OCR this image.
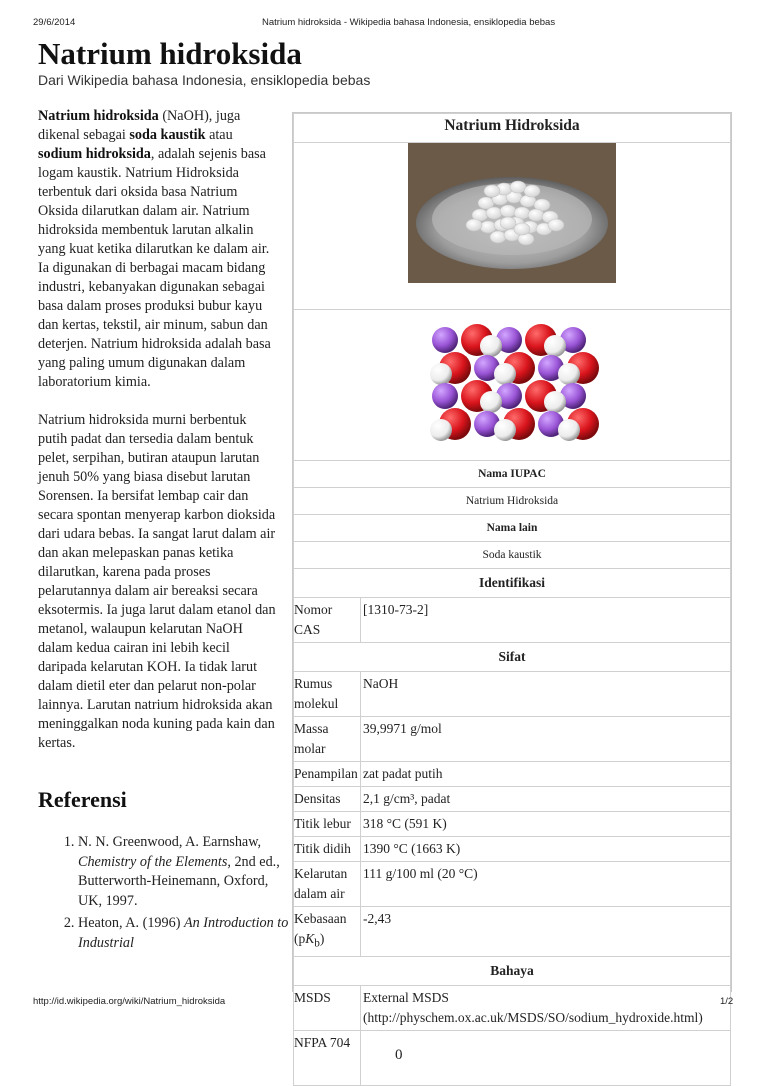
29/6/2014	Natrium hidroksida - Wikipedia bahasa Indonesia, ensiklopedia bebas
Natrium hidroksida
Dari Wikipedia bahasa Indonesia, ensiklopedia bebas

Natrium hidroksida (NaOH), juga dikenal sebagai soda kaustik atau sodium hidroksida, adalah sejenis basa logam kaustik. Natrium Hidroksida terbentuk dari oksida basa Natrium Oksida dilarutkan dalam air. Natrium hidroksida membentuk larutan alkalin yang kuat ketika dilarutkan ke dalam air. Ia digunakan di berbagai macam bidang industri, kebanyakan digunakan sebagai basa dalam proses produksi bubur kayu dan kertas, tekstil, air minum, sabun dan deterjen. Natrium hidroksida adalah basa yang paling umum digunakan dalam laboratorium kimia.

Natrium hidroksida murni berbentuk putih padat dan tersedia dalam bentuk pelet, serpihan, butiran ataupun larutan jenuh 50% yang biasa disebut larutan Sorensen. Ia bersifat lembap cair dan secara spontan menyerap karbon dioksida dari udara bebas. Ia sangat larut dalam air dan akan melepaskan panas ketika dilarutkan, karena pada proses pelarutannya dalam air bereaksi secara eksotermis. Ia juga larut dalam etanol dan metanol, walaupun kelarutan NaOH dalam kedua cairan ini lebih kecil daripada kelarutan KOH. Ia tidak larut dalam dietil eter dan pelarut non-polar lainnya. Larutan natrium hidroksida akan meninggalkan noda kuning pada kain dan kertas.

Referensi
1. N. N. Greenwood, A. Earnshaw, Chemistry of the Elements, 2nd ed., Butterworth-Heinemann, Oxford, UK, 1997.
2. Heaton, A. (1996) An Introduction to Industrial
Natrium Hidroksida	

Nama IUPAC	
Natrium Hidroksida	
Nama lain	
Soda kaustik	
Identifikasi	
Nomor CAS	[1310-73-2]
Sifat	
Rumus molekul	NaOH
Massa molar	39,9971 g/mol
Penampilan	zat padat putih
Densitas	2,1 g/cm³, padat
Titik lebur	318 °C (591 K)
Titik didih	1390 °C (1663 K)
Kelarutan dalam air	111 g/100 ml (20 °C)
Kebasaan $(pK_b)$	-2,43
Bahaya	
MSDS	External MSDS (http://physchem.ox.ac.uk/MSDS/SO/sodium_hydroxide.html)
NFPA 704	0
http://id.wikipedia.org/wiki/Natrium_hidroksida	1/2
